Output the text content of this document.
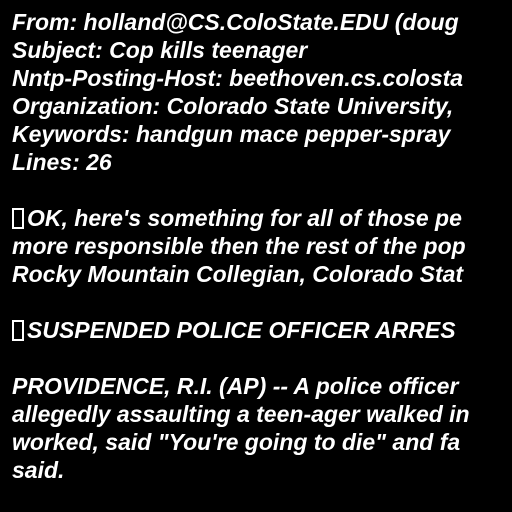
From: holland@CS.ColoState.EDU (doug
Subject: Cop kills teenager
Nntp-Posting-Host: beethoven.cs.colosta
Organization: Colorado State University,
Keywords: handgun mace pepper-spray
Lines: 26
OK, here's something for all of those pe
more responsible then the rest of the pop
Rocky Mountain Collegian, Colorado Stat
SUSPENDED POLICE OFFICER ARRES
PROVIDENCE, R.I. (AP) -- A police officer
allegedly assaulting a teen-ager walked in
worked, said "You're going to die" and fa
said.
